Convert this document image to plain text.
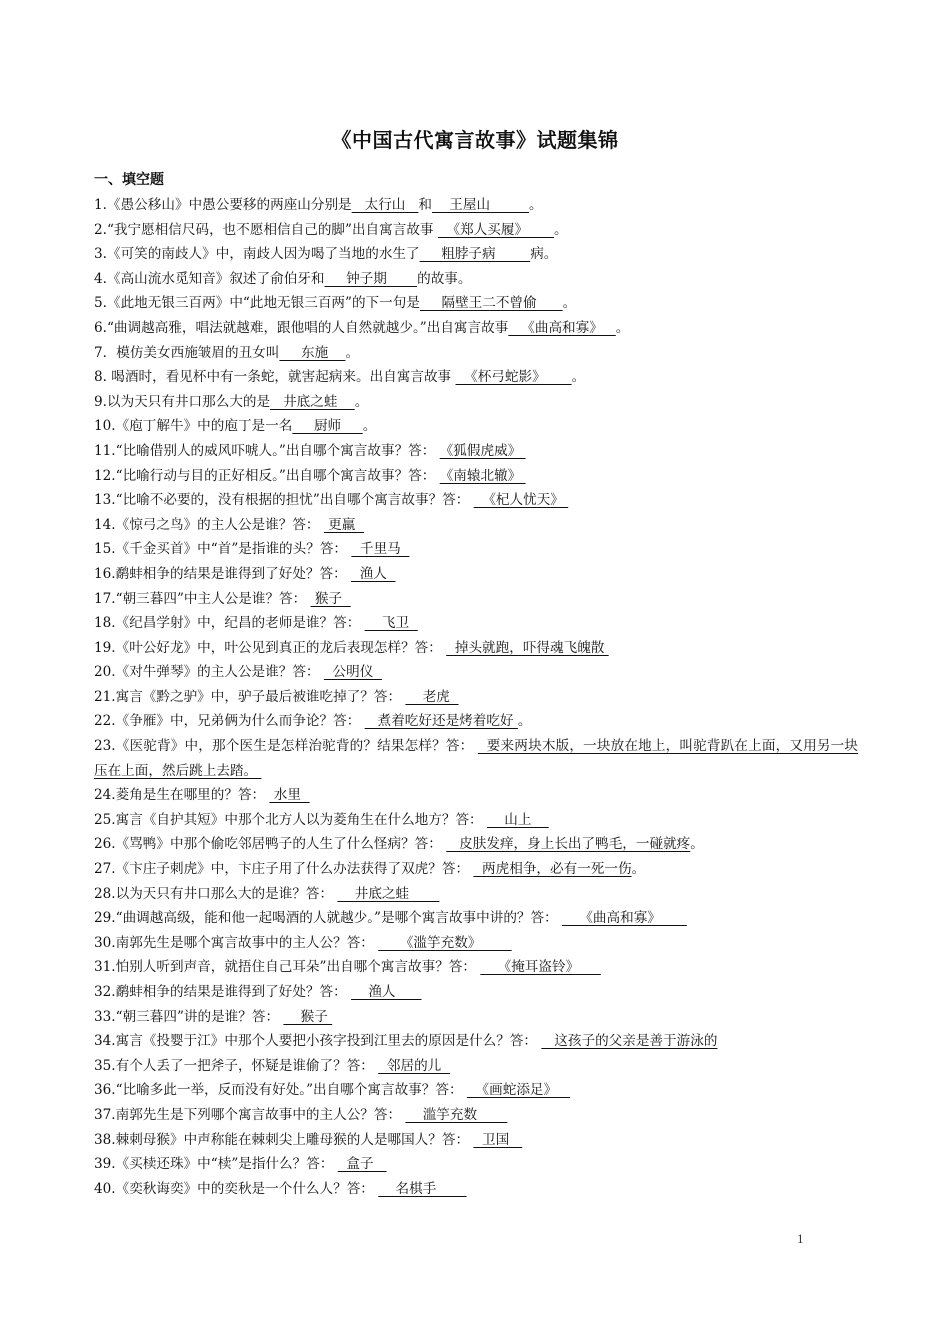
《中国古代寓言故事》试题集锦
一、填空题
1.《愚公移山》中愚公要移的两座山分别是   太行山   和    王屋山         。
2.“我宁愿相信尺码，也不愿相信自己的脚”出自寓言故事   《郑人买履》      。
3.《可笑的南歧人》中，南歧人因为喝了当地的水生了     粗脖子病        病。
4.《高山流水觅知音》叙述了俞伯牙和     钟子期       的故事。
5.《此地无银三百两》中“此地无银三百两”的下一句是     隔壁王二不曾偷      。
6.“曲调越高雅，唱法就越难，跟他唱的人自然就越少。”出自寓言故事   《曲高和寡》   。
7．模仿美女西施皱眉的丑女叫     东施    。
8. 喝酒时，看见杯中有一条蛇，就害起病来。出自寓言故事   《杯弓蛇影》      。
9.以为天只有井口那么大的是   井底之蛙    。
10.《庖丁解牛》中的庖丁是一名     厨师     。
11.“比喻借别人的威风吓唬人。”出自哪个寓言故事？答： 《狐假虎威》
12.“比喻行动与目的正好相反。”出自哪个寓言故事？答： 《南辕北辙》
13.“比喻不必要的，没有根据的担忧”出自哪个寓言故事？答：   《杞人忧天》
14.《惊弓之鸟》的主人公是谁？答：  更羸
15.《千金买首》中“首”是指谁的头？答：   千里马
16.鹬蚌相争的结果是谁得到了好处？答：   渔人
17.“朝三暮四”中主人公是谁？答：  猴子
18.《纪昌学射》中，纪昌的老师是谁？答：     飞卫
19.《叶公好龙》中，叶公见到真正的龙后表现怎样？答：   掉头就跑，吓得魂飞魄散
20.《对牛弹琴》的主人公是谁？答：   公明仪
21.寓言《黔之驴》中，驴子最后被谁吃掉了？答：     老虎
22.《争雁》中，兄弟俩为什么而争论？答：    煮着吃好还是烤着吃好 。
23.《医驼背》中，那个医生是怎样治驼背的？结果怎样？答：   要来两块木版，一块放在地上，叫驼背趴在上面，又用另一块压在上面，然后跳上去踏。
24.菱角是生在哪里的？答：  水里
25.寓言《自护其短》中那个北方人以为菱角生在什么地方？答：     山上
26.《骂鸭》中那个偷吃邻居鸭子的人生了什么怪病？答：    皮肤发痒，身上长出了鸭毛，一碰就疼。
27.《卞庄子刺虎》中，卞庄子用了什么办法获得了双虎？答：   两虎相争，必有一死一伤。
28.以为天只有井口那么大的是谁？答：     井底之蛙
29.“曲调越高级，能和他一起喝酒的人就越少。”是哪个寓言故事中讲的？答：     《曲高和寡》
30.南郭先生是哪个寓言故事中的主人公？答：      《滥竽充数》
31.怕别人听到声音，就捂住自己耳朵”出自哪个寓言故事？答：     《掩耳盗铃》
32.鹬蚌相争的结果是谁得到了好处？答：     渔人
33.“朝三暮四”讲的是谁？答：     猴子
34.寓言《投婴于江》中那个人要把小孩字投到江里去的原因是什么？答：    这孩子的父亲是善于游泳的
35.有个人丢了一把斧子，怀疑是谁偷了？答：   邻居的儿
36.“比喻多此一举，反而没有好处。”出自哪个寓言故事？答：   《画蛇添足》
37.南郭先生是下列哪个寓言故事中的主人公？答：     滥竽充数
38.棘刺母猴》中声称能在棘刺尖上雕母猴的人是哪国人？答：   卫国
39.《买椟还珠》中“椟”是指什么？答：   盒子
40.《奕秋诲奕》中的奕秋是一个什么人？答：     名棋手
1
